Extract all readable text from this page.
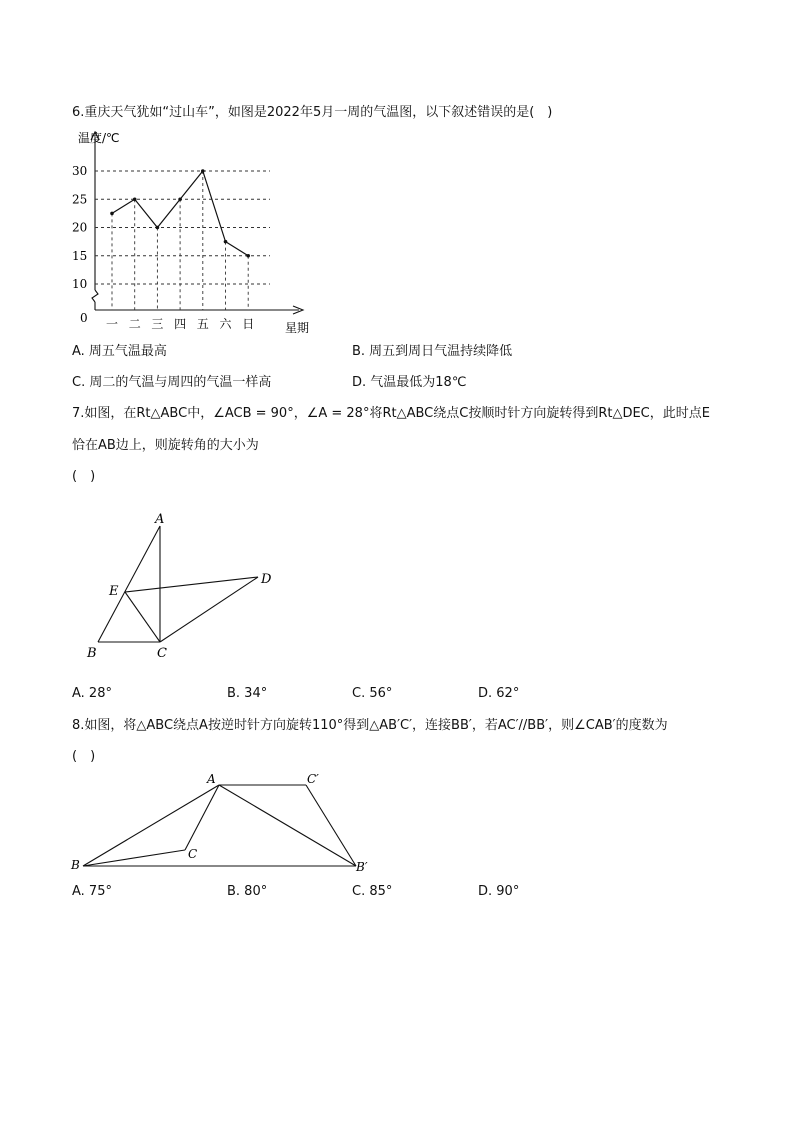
6.重庆天气犹如“过山车”，如图是2022年5月一周的气温图，以下叙述错误的是(　)
温度/℃
星期
0
10
15
20
25
30
一 二 三 四 五 六 日
A. 周五气温最高	B. 周五到周日气温持续降低
C. 周二的气温与周四的气温一样高	D. 气温最低为18℃
7.如图，在Rt△ABC中，∠ACB = 90°，∠A = 28°将Rt△ABC绕点C按顺时针方向旋转得到Rt△DEC，此时点E
恰在AB边上，则旋转角的大小为
(　)
A
E
D
B	C
A. 28°	B. 34°	C. 56°	D. 62°
8.如图，将△ABC绕点A按逆时针方向旋转110°得到△AB′C′，连接BB′，若AC′//BB′，则∠CAB′的度数为
(　)
A	C′
C
B	B′
A. 75°	B. 80°	C. 85°	D. 90°
